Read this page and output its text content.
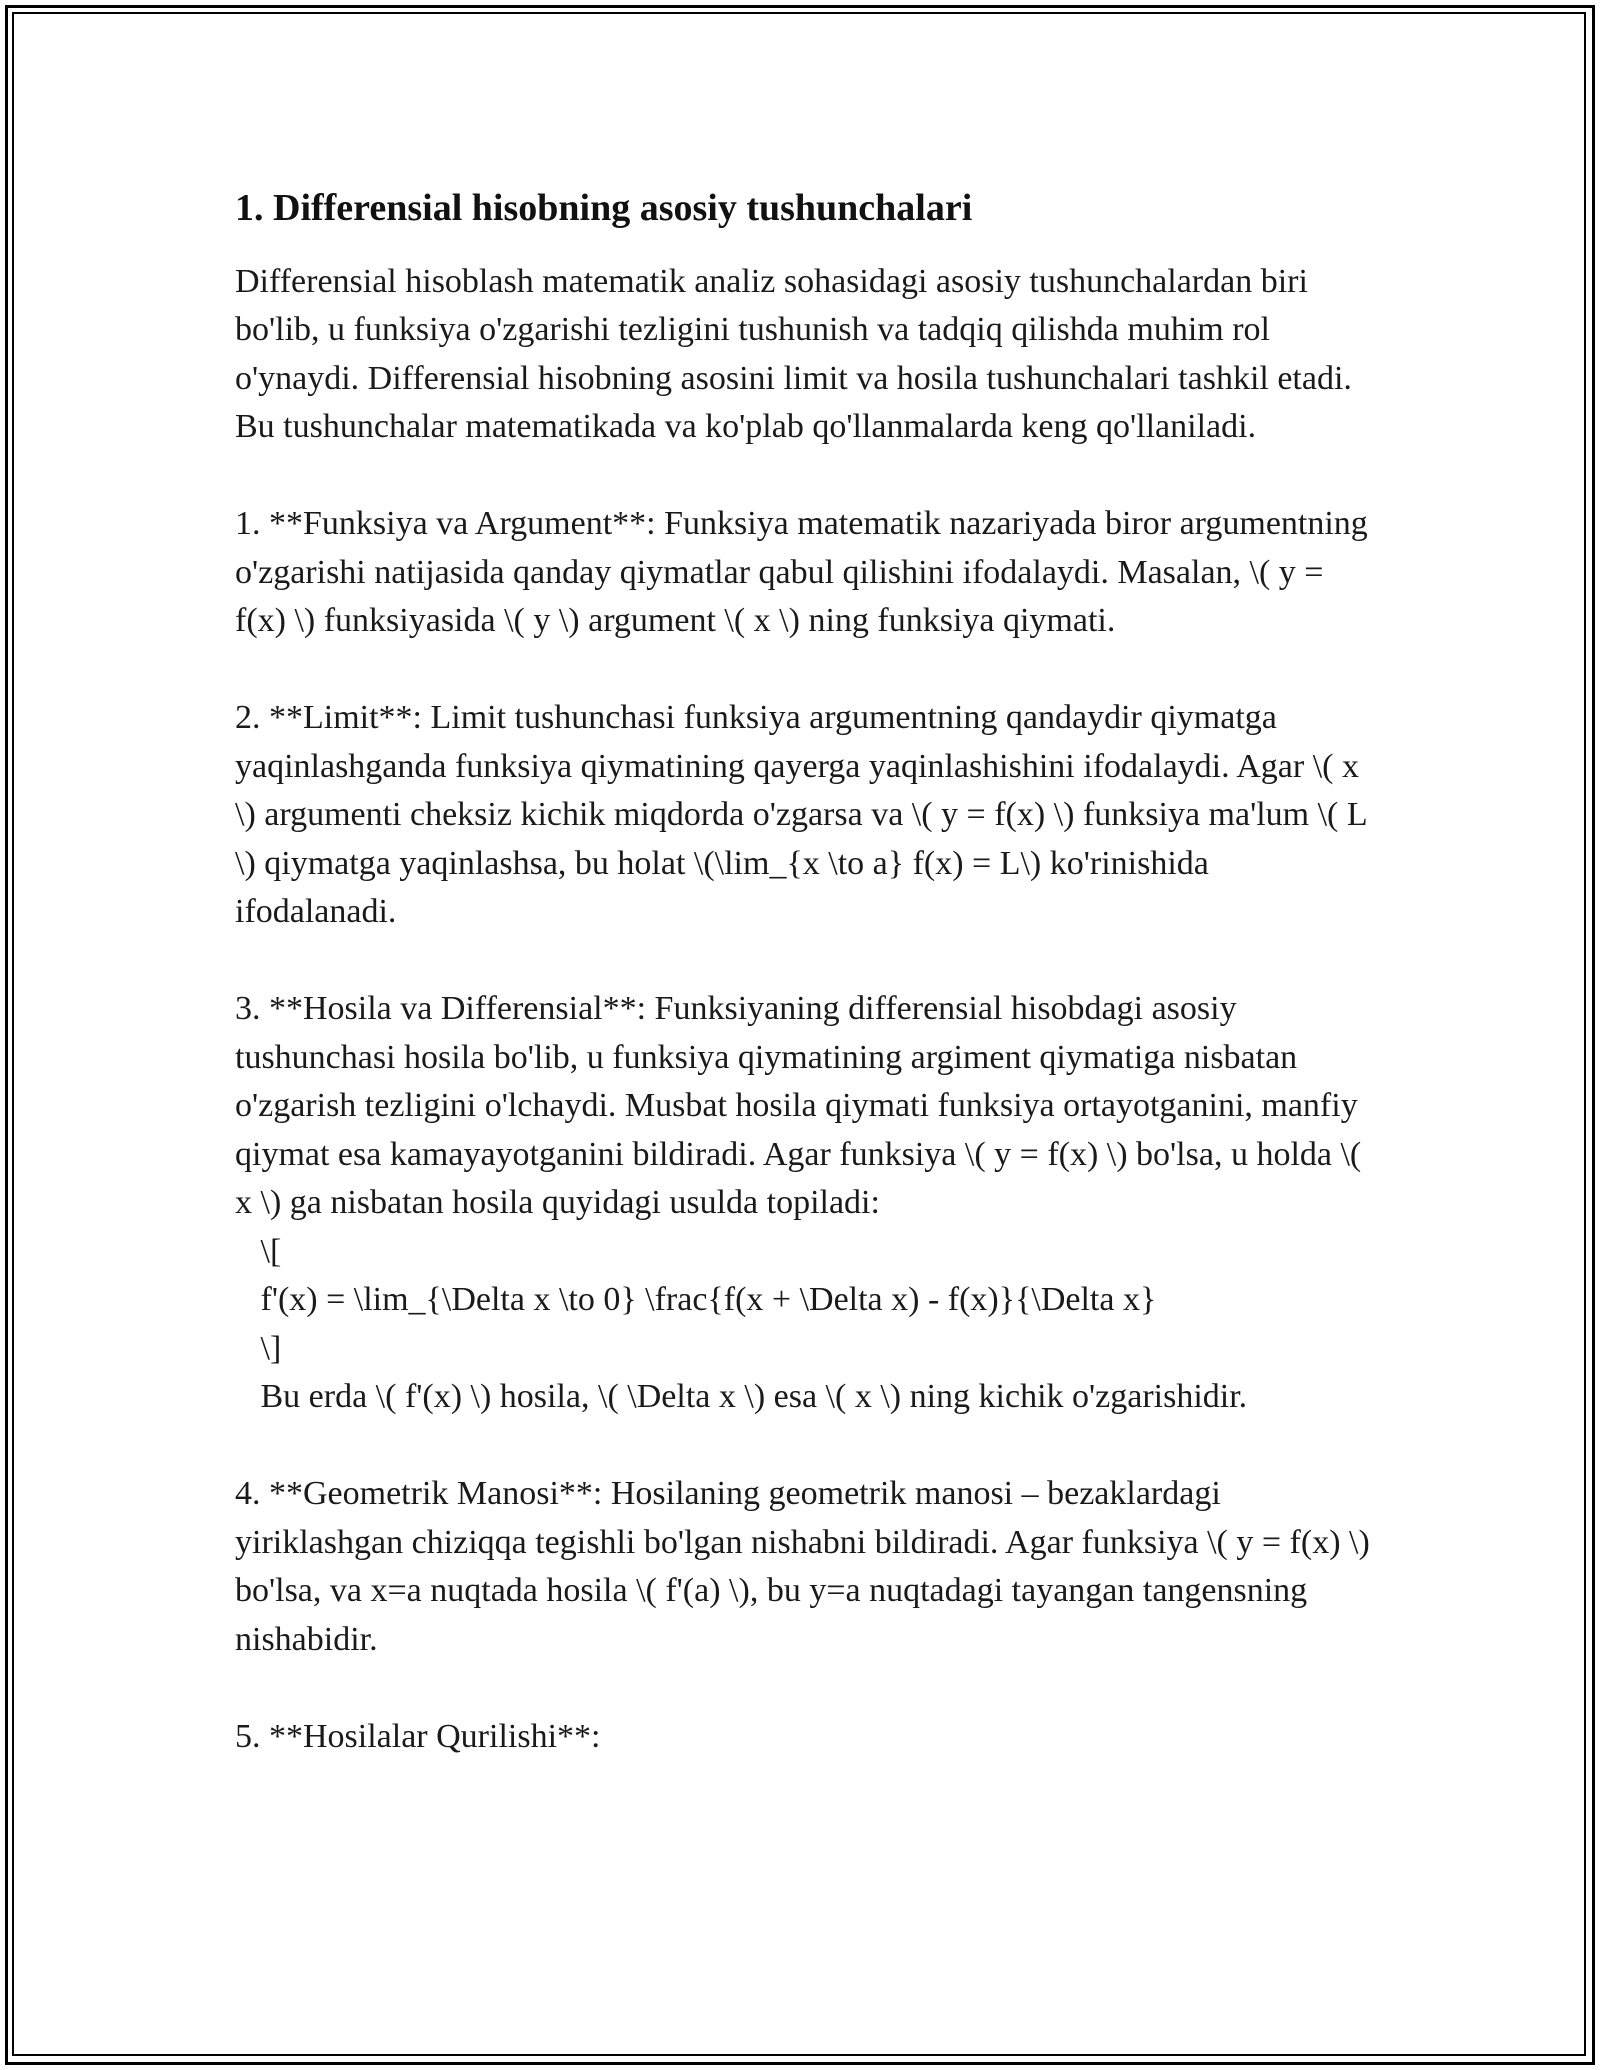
1. Differensial hisobning asosiy tushunchalari

Differensial hisoblash matematik analiz sohasidagi asosiy tushunchalardan biri bo'lib, u funksiya o'zgarishi tezligini tushunish va tadqiq qilishda muhim rol o'ynaydi. Differensial hisobning asosini limit va hosila tushunchalari tashkil etadi. Bu tushunchalar matematikada va ko'plab qo'llanmalarda keng qo'llaniladi.

1. **Funksiya va Argument**: Funksiya matematik nazariyada biror argumentning o'zgarishi natijasida qanday qiymatlar qabul qilishini ifodalaydi. Masalan, \( y = f(x) \) funksiyasida \( y \) argument \( x \) ning funksiya qiymati.

2. **Limit**: Limit tushunchasi funksiya argumentning qandaydir qiymatga yaqinlashganda funksiya qiymatining qayerga yaqinlashishini ifodalaydi. Agar \( x \) argumenti cheksiz kichik miqdorda o'zgarsa va \( y = f(x) \) funksiya ma'lum \( L \) qiymatga yaqinlashsa, bu holat \(\lim_{x \to a} f(x) = L\) ko'rinishida ifodalanadi.

3. **Hosila va Differensial**: Funksiyaning differensial hisobdagi asosiy tushunchasi hosila bo'lib, u funksiya qiymatining argiment qiymatiga nisbatan o'zgarish tezligini o'lchaydi. Musbat hosila qiymati funksiya ortayotganini, manfiy qiymat esa kamayayotganini bildiradi. Agar funksiya \( y = f(x) \) bo'lsa, u holda \( x \) ga nisbatan hosila quyidagi usulda topiladi:
\[
f'(x) = \lim_{\Delta x \to 0} \frac{f(x + \Delta x) - f(x)}{\Delta x}
\]
Bu erda \( f'(x) \) hosila, \( \Delta x \) esa \( x \) ning kichik o'zgarishidir.

4. **Geometrik Manosi**: Hosilaning geometrik manosi – bezaklardagi yiriklashgan chiziqqa tegishli bo'lgan nishabni bildiradi. Agar funksiya \( y = f(x) \) bo'lsa, va x=a nuqtada hosila \( f'(a) \), bu y=a nuqtadagi tayangan tangensning nishabidir.

5. **Hosilalar Qurilishi**:
